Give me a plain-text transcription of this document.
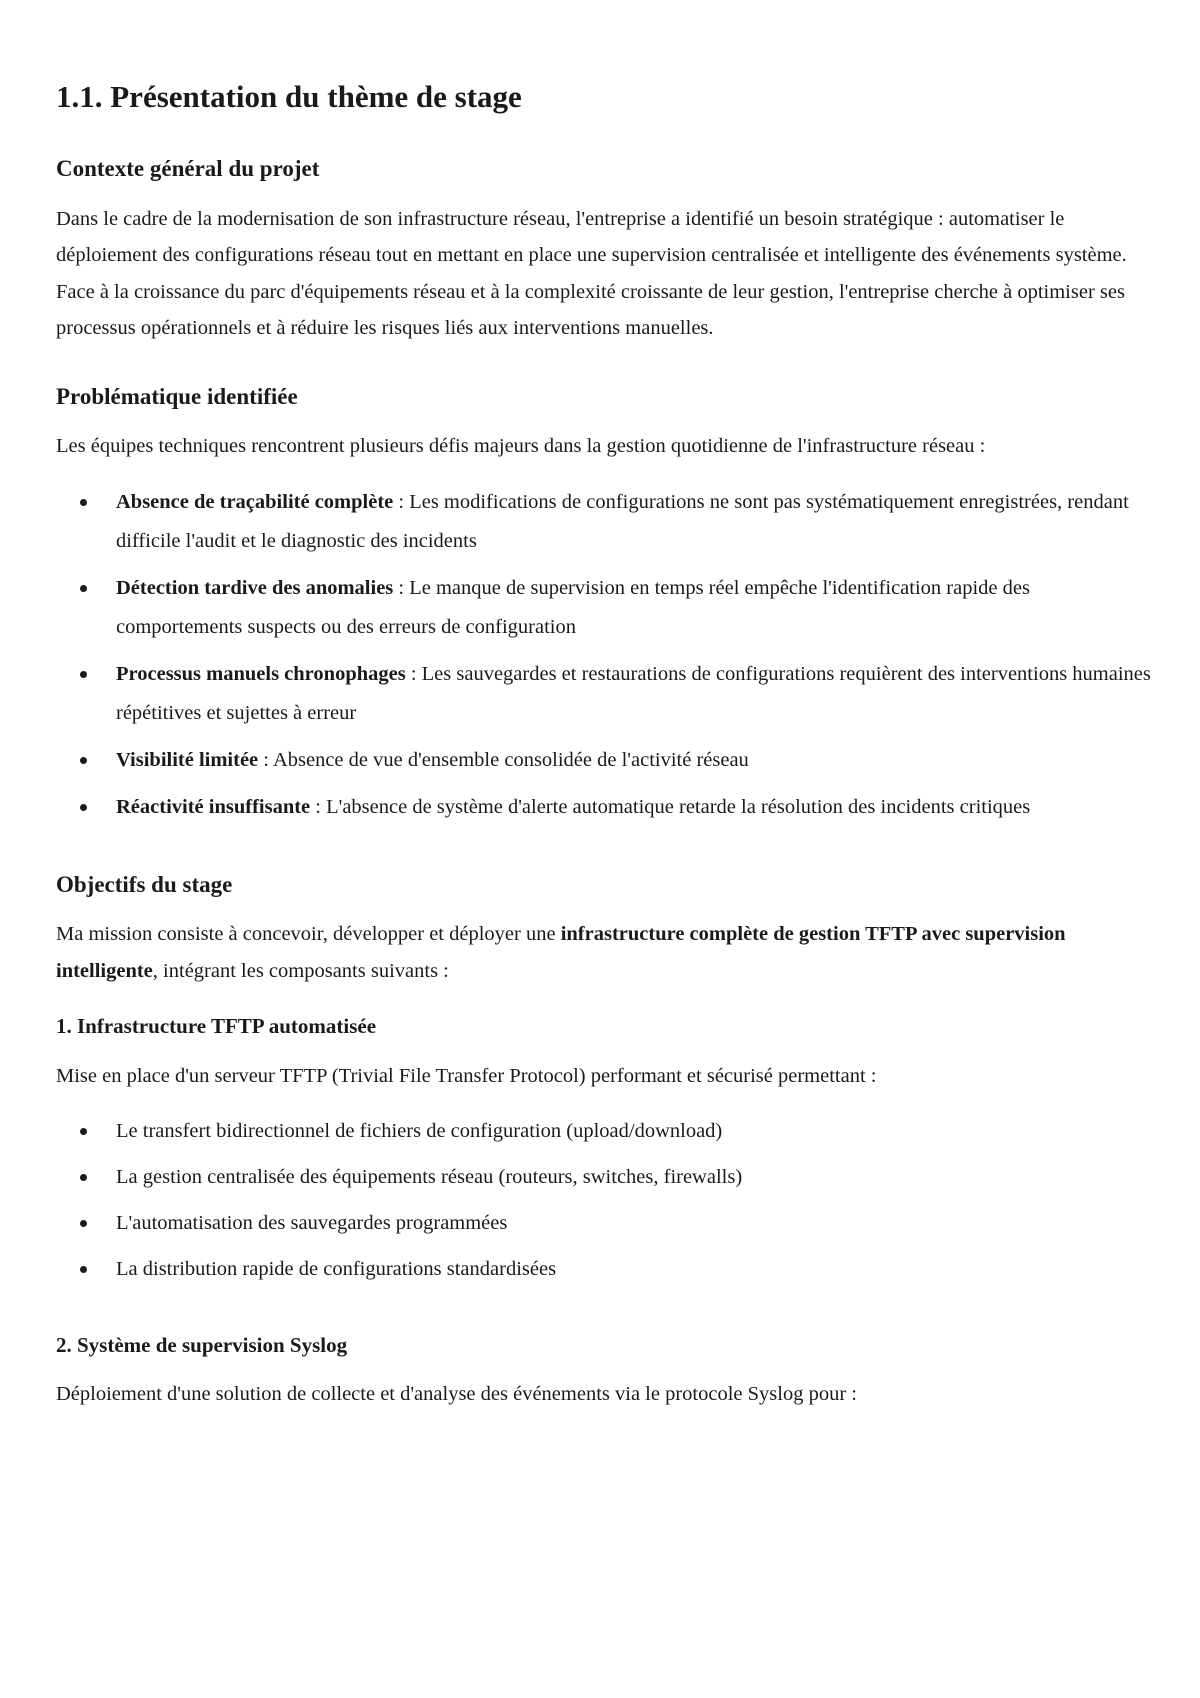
1.1. Présentation du thème de stage
Contexte général du projet

Dans le cadre de la modernisation de son infrastructure réseau, l'entreprise a identifié un besoin stratégique : automatiser le déploiement des configurations réseau tout en mettant en place une supervision centralisée et intelligente des événements système. Face à la croissance du parc d'équipements réseau et à la complexité croissante de leur gestion, l'entreprise cherche à optimiser ses processus opérationnels et à réduire les risques liés aux interventions manuelles.

Problématique identifiée

Les équipes techniques rencontrent plusieurs défis majeurs dans la gestion quotidienne de l'infrastructure réseau :

Absence de traçabilité complète : Les modifications de configurations ne sont pas systématiquement enregistrées, rendant difficile l'audit et le diagnostic des incidents
Détection tardive des anomalies : Le manque de supervision en temps réel empêche l'identification rapide des comportements suspects ou des erreurs de configuration
Processus manuels chronophages : Les sauvegardes et restaurations de configurations requièrent des interventions humaines répétitives et sujettes à erreur
Visibilité limitée : Absence de vue d'ensemble consolidée de l'activité réseau
Réactivité insuffisante : L'absence de système d'alerte automatique retarde la résolution des incidents critiques
Objectifs du stage

Ma mission consiste à concevoir, développer et déployer une infrastructure complète de gestion TFTP avec supervision intelligente, intégrant les composants suivants :

1. Infrastructure TFTP automatisée

Mise en place d'un serveur TFTP (Trivial File Transfer Protocol) performant et sécurisé permettant :

Le transfert bidirectionnel de fichiers de configuration (upload/download)
La gestion centralisée des équipements réseau (routeurs, switches, firewalls)
L'automatisation des sauvegardes programmées
La distribution rapide de configurations standardisées
2. Système de supervision Syslog

Déploiement d'une solution de collecte et d'analyse des événements via le protocole Syslog pour :
